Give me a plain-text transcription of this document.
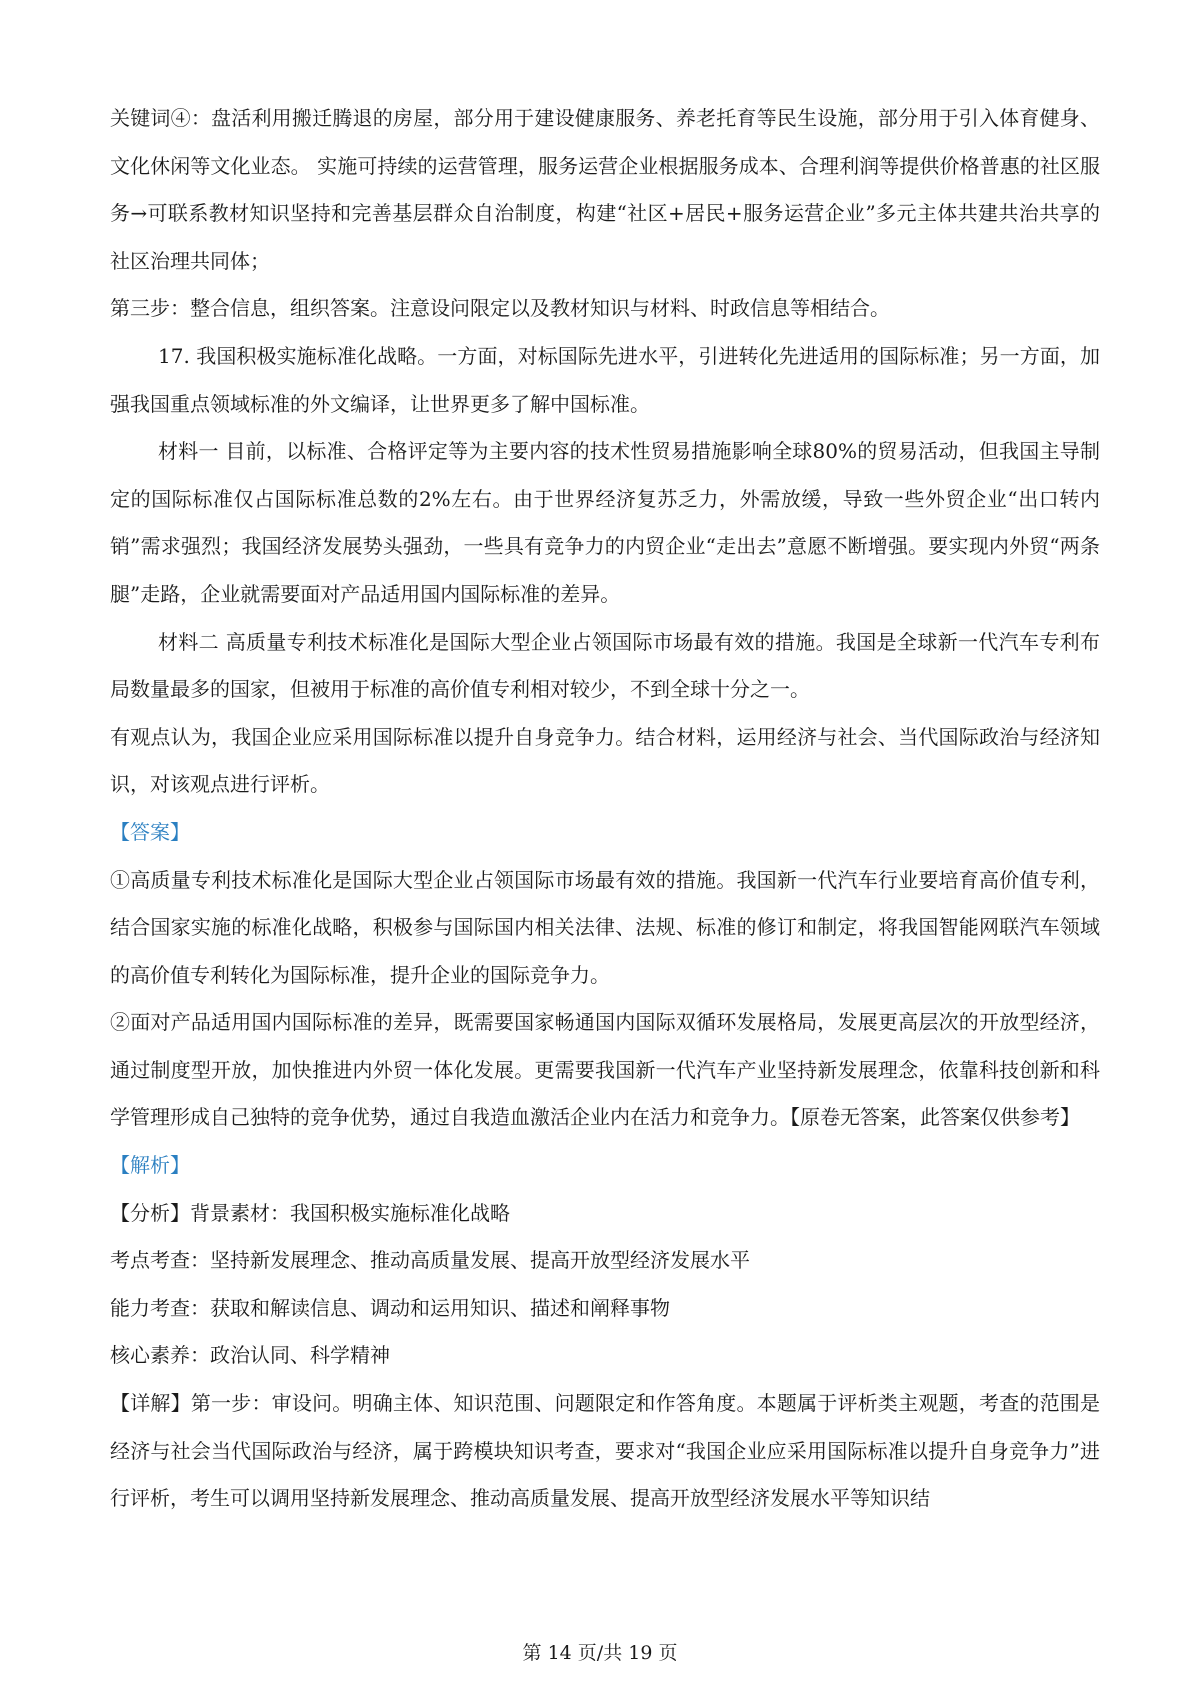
关键词④：盘活利用搬迁腾退的房屋，部分用于建设健康服务、养老托育等民生设施，部分用于引入体育健身、文化休闲等文化业态。 实施可持续的运营管理，服务运营企业根据服务成本、合理利润等提供价格普惠的社区服务→可联系教材知识坚持和完善基层群众自治制度，构建“社区+居民+服务运营企业”多元主体共建共治共享的社区治理共同体；

第三步：整合信息，组织答案。注意设问限定以及教材知识与材料、时政信息等相结合。

17. 我国积极实施标准化战略。一方面，对标国际先进水平，引进转化先进适用的国际标准；另一方面，加强我国重点领域标准的外文编译，让世界更多了解中国标准。

材料一 目前，以标准、合格评定等为主要内容的技术性贸易措施影响全球80%的贸易活动，但我国主导制定的国际标准仅占国际标准总数的2%左右。由于世界经济复苏乏力，外需放缓，导致一些外贸企业“出口转内销”需求强烈；我国经济发展势头强劲，一些具有竞争力的内贸企业“走出去”意愿不断增强。要实现内外贸“两条腿”走路，企业就需要面对产品适用国内国际标准的差异。

材料二 高质量专利技术标准化是国际大型企业占领国际市场最有效的措施。我国是全球新一代汽车专利布局数量最多的国家，但被用于标准的高价值专利相对较少，不到全球十分之一。

有观点认为，我国企业应采用国际标准以提升自身竞争力。结合材料，运用经济与社会、当代国际政治与经济知识，对该观点进行评析。

【答案】

①高质量专利技术标准化是国际大型企业占领国际市场最有效的措施。我国新一代汽车行业要培育高价值专利，结合国家实施的标准化战略，积极参与国际国内相关法律、法规、标准的修订和制定，将我国智能网联汽车领域的高价值专利转化为国际标准，提升企业的国际竞争力。

②面对产品适用国内国际标准的差异，既需要国家畅通国内国际双循环发展格局，发展更高层次的开放型经济，通过制度型开放，加快推进内外贸一体化发展。更需要我国新一代汽车产业坚持新发展理念，依靠科技创新和科学管理形成自己独特的竞争优势，通过自我造血激活企业内在活力和竞争力。【原卷无答案，此答案仅供参考】

【解析】

【分析】背景素材：我国积极实施标准化战略

考点考查：坚持新发展理念、推动高质量发展、提高开放型经济发展水平

能力考查：获取和解读信息、调动和运用知识、描述和阐释事物

核心素养：政治认同、科学精神

【详解】第一步：审设问。明确主体、知识范围、问题限定和作答角度。本题属于评析类主观题，考查的范围是经济与社会当代国际政治与经济，属于跨模块知识考查，要求对“我国企业应采用国际标准以提升自身竞争力”进行评析，考生可以调用坚持新发展理念、推动高质量发展、提高开放型经济发展水平等知识结

第 14 页/共 19 页
